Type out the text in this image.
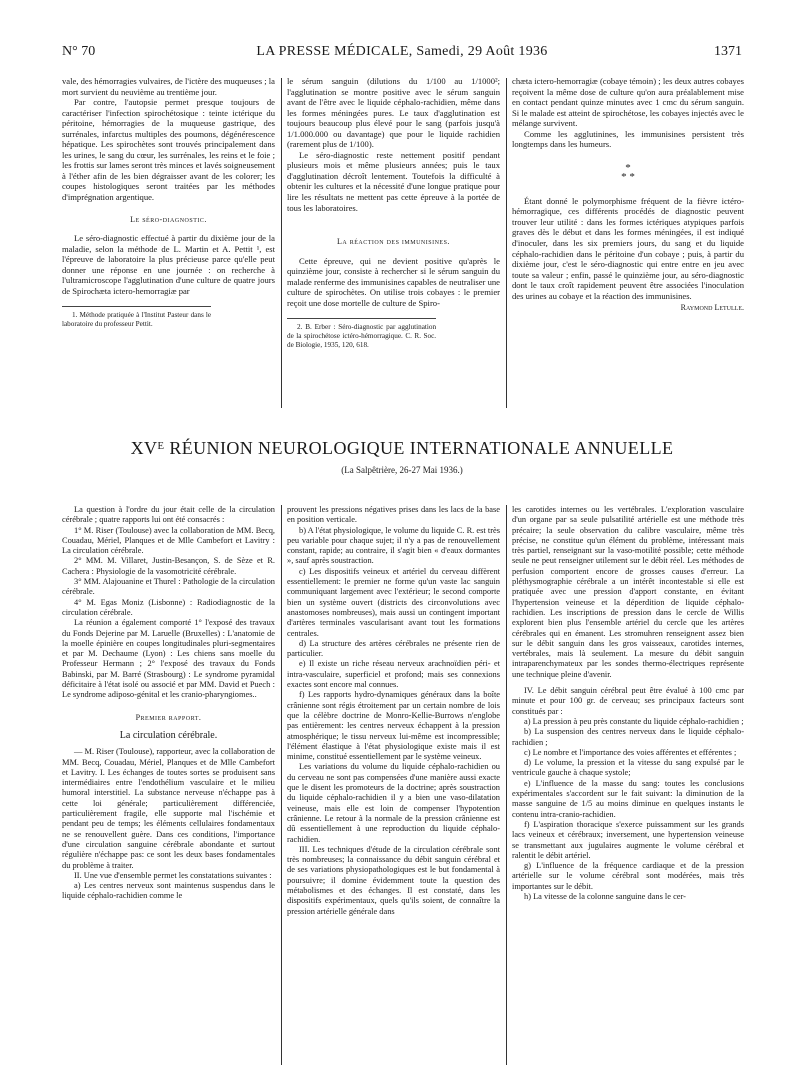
N° 70	LA PRESSE MÉDICALE, Samedi, 29 Août 1936	1371

vale, des hémorragies vulvaires, de l'ictère des muqueuses ; la mort survient du neuvième au trentième jour.

Par contre, l'autopsie permet presque toujours de caractériser l'infection spirochétosique : teinte ictérique du péritoine, hémorragies de la muqueuse gastrique, des surrénales, infarctus multiples des poumons, dégénérescence hépatique. Les spirochètes sont trouvés principalement dans les urines, le sang du cœur, les surrénales, les reins et le foie ; les frottis sur lames seront très minces et lavés soigneusement à l'éther afin de les bien dégraisser avant de les colorer; les coupes histologiques seront traitées par les méthodes d'imprégnation argentique.

Le séro-diagnostic.

Le séro-diagnostic effectué à partir du dixième jour de la maladie, selon la méthode de L. Martin et A. Pettit ¹, est l'épreuve de laboratoire la plus précieuse parce qu'elle peut donner une réponse en une journée : on recherche à l'ultramicroscope l'agglutination d'une culture de quatre jours de Spirochæta ictero-hemorragiæ par

1. Méthode pratiquée à l'Institut Pasteur dans le laboratoire du professeur Pettit.

le sérum sanguin (dilutions du 1/100 au 1/1000²; l'agglutination se montre positive avec le sérum sanguin avant de l'être avec le liquide céphalo-rachidien, même dans les formes méningées pures. Le taux d'agglutination est toujours beaucoup plus élevé pour le sang (parfois jusqu'à 1/1.000.000 ou davantage) que pour le liquide rachidien (rarement plus de 1/100).

Le séro-diagnostic reste nettement positif pendant plusieurs mois et même plusieurs années; puis le taux d'agglutination décroît lentement. Toutefois la difficulté à obtenir les cultures et la nécessité d'une longue pratique pour lire les résultats ne mettent pas cette épreuve à la portée de tous les laboratoires.

La réaction des immunisines.

Cette épreuve, qui ne devient positive qu'après le quinzième jour, consiste à rechercher si le sérum sanguin du malade renferme des immunisines capables de neutraliser une culture de spirochètes. On utilise trois cobayes : le premier reçoit une dose mortelle de culture de Spiro-

2. B. Erber : Séro-diagnostic par agglutination de la spirochétose ictéro-hémorragique. C. R. Soc. de Biologie, 1935, 120, 618.

chæta ictero-hemorragiæ (cobaye témoin) ; les deux autres cobayes reçoivent la même dose de culture qu'on aura préalablement mise en contact pendant quinze minutes avec 1 cmc du sérum sanguin. Si le malade est atteint de spirochétose, les cobayes injectés avec le mélange survivent.

Comme les agglutinines, les immunisines persistent très longtemps dans les humeurs.

*
* *

Étant donné le polymorphisme fréquent de la fièvre ictéro-hémorragique, ces différents procédés de diagnostic peuvent trouver leur utilité : dans les formes ictériques atypiques parfois graves dès le début et dans les formes méningées, il est indiqué d'inoculer, dans les six premiers jours, du sang et du liquide céphalo-rachidien dans le péritoine d'un cobaye ; puis, à partir du dixième jour, c'est le séro-diagnostic qui entre entre en jeu avec toute sa valeur ; enfin, passé le quinzième jour, au séro-diagnostic dont le taux croît rapidement peuvent être associées l'inoculation des urines au cobaye et la réaction des immunisines.

Raymond Letulle.
XVᴱ RÉUNION NEUROLOGIQUE INTERNATIONALE ANNUELLE
(La Salpêtrière, 26-27 Mai 1936.)

La question à l'ordre du jour était celle de la circulation cérébrale ; quatre rapports lui ont été consacrés :

1° M. Riser (Toulouse) avec la collaboration de MM. Becq, Couadau, Mériel, Planques et de Mlle Cambefort et Lavitry : La circulation cérébrale.

2° MM. M. Villaret, Justin-Besançon, S. de Sèze et R. Cachera : Physiologie de la vasomotricité cérébrale.

3° MM. Alajouanine et Thurel : Pathologie de la circulation cérébrale.

4° M. Egas Moniz (Lisbonne) : Radiodiagnostic de la circulation cérébrale.

La réunion a également comporté 1° l'exposé des travaux du Fonds Dejerine par M. Laruelle (Bruxelles) : L'anatomie de la moelle épinière en coupes longitudinales pluri-segmentaires et par M. Dechaume (Lyon) : Les chiens sans moelle du Professeur Hermann ; 2° l'exposé des travaux du Fonds Babinski, par M. Barré (Strasbourg) : Le syndrome pyramidal déficitaire à l'état isolé ou associé et par MM. David et Puech : Le syndrome adiposo-génital et les cranio-pharyngiomes..

Premier rapport.
La circulation cérébrale.

— M. Riser (Toulouse), rapporteur, avec la collaboration de MM. Becq, Couadau, Mériel, Planques et de Mlle Cambefort et Lavitry. I. Les échanges de toutes sortes se produisent sans intermédiaires entre l'endothélium vasculaire et le milieu humoral interstitiel. La substance nerveuse n'échappe pas à cette loi générale; particulièrement différenciée, particulièrement fragile, elle supporte mal l'ischémie et pendant peu de temps; les éléments cellulaires fondamentaux ne se renouvellent guère. Dans ces conditions, l'importance d'une circulation sanguine cérébrale abondante et surtout régulière n'échappe pas: ce sont les deux bases fondamentales du problème à traiter.

II. Une vue d'ensemble permet les constatations suivantes :

a) Les centres nerveux sont maintenus suspendus dans le liquide céphalo-rachidien comme le

prouvent les pressions négatives prises dans les lacs de la base en position verticale.

b) A l'état physiologique, le volume du liquide C. R. est très peu variable pour chaque sujet; il n'y a pas de renouvellement constant, rapide; au contraire, il s'agit bien « d'eaux dormantes », sauf après soustraction.

c) Les dispositifs veineux et artériel du cerveau diffèrent essentiellement: le premier ne forme qu'un vaste lac sanguin communiquant largement avec l'extérieur; le second comporte bien un système ouvert (districts des circonvolutions avec anastomoses nombreuses), mais aussi un contingent important d'artères terminales vascularisant avant tout les formations centrales.

d) La structure des artères cérébrales ne présente rien de particulier.

e) Il existe un riche réseau nerveux arachnoïdien péri- et intra-vasculaire, superficiel et profond; mais ses connexions exactes sont encore mal connues.

f) Les rapports hydro-dynamiques généraux dans la boîte crânienne sont régis étroitement par un certain nombre de lois que la célèbre doctrine de Monro-Kellie-Burrows n'englobe pas entièrement: les centres nerveux échappent à la pression atmosphérique; le tissu nerveux lui-même est incompressible; l'élément élastique à l'état physiologique existe mais il est minime, constitué essentiellement par le système veineux.

Les variations du volume du liquide céphalo-rachidien ou du cerveau ne sont pas compensées d'une manière aussi exacte que le disent les promoteurs de la doctrine; après soustraction du liquide céphalo-rachidien il y a bien une vaso-dilatation veineuse, mais elle est loin de compenser l'hypotention crânienne. Le retour à la normale de la pression crânienne est dû essentiellement à une reproduction du liquide céphalo-rachidien.

III. Les techniques d'étude de la circulation cérébrale sont très nombreuses; la connaissance du débit sanguin cérébral et de ses variations physiopathologiques est le but fondamental à poursuivre; il domine évidemment toute la question des métabolismes et des échanges. Il est constaté, dans les dispositifs expérimentaux, quels qu'ils soient, de connaître la pression artérielle générale dans

les carotides internes ou les vertébrales. L'exploration vasculaire d'un organe par sa seule pulsatilité artérielle est une méthode très précaire; la seule observation du calibre vasculaire, même très précise, ne constitue qu'un élément du problème, intéressant mais très partiel, renseignant sur la vaso-motilité possible; cette méthode seule ne peut renseigner utilement sur le débit réel. Les méthodes de perfusion comportent encore de grosses causes d'erreur. La pléthysmographie cérébrale a un intérêt incontestable si elle est pratiquée avec une pression d'apport constante, en évitant l'hypertension veineuse et la déperdition de liquide céphalo-rachidien. Les inscriptions de pression dans le cercle de Willis explorent bien plus l'ensemble artériel du cercle que les artères cérébrales qui en émanent. Les stromuhren renseignent assez bien sur le débit sanguin dans les gros vaisseaux, carotides internes, vertébrales, mais là seulement. La mesure du débit sanguin intraparenchymateux par les sondes thermo-électriques représente une technique pleine d'avenir.

IV. Le débit sanguin cérébral peut être évalué à 100 cmc par minute et pour 100 gr. de cerveau; ses principaux facteurs sont constitués par :

a) La pression à peu près constante du liquide céphalo-rachidien ;

b) La suspension des centres nerveux dans le liquide céphalo-rachidien ;

c) Le nombre et l'importance des voies afférentes et efférentes ;

d) Le volume, la pression et la vitesse du sang expulsé par le ventricule gauche à chaque systole;

e) L'influence de la masse du sang: toutes les conclusions expérimentales s'accordent sur le fait suivant: la diminution de la masse sanguine de 1/5 au moins diminue en quelques instants le contenu intra-cranio-rachidien.

f) L'aspiration thoracique s'exerce puissamment sur les grands lacs veineux et cérébraux; inversement, une hypertension veineuse se transmettant aux jugulaires augmente le volume cérébral et ralentit le débit artériel.

g) L'influence de la fréquence cardiaque et de la pression artérielle sur le volume cérébral sont modérées, mais très importantes sur le débit.

h) La vitesse de la colonne sanguine dans le cer-
